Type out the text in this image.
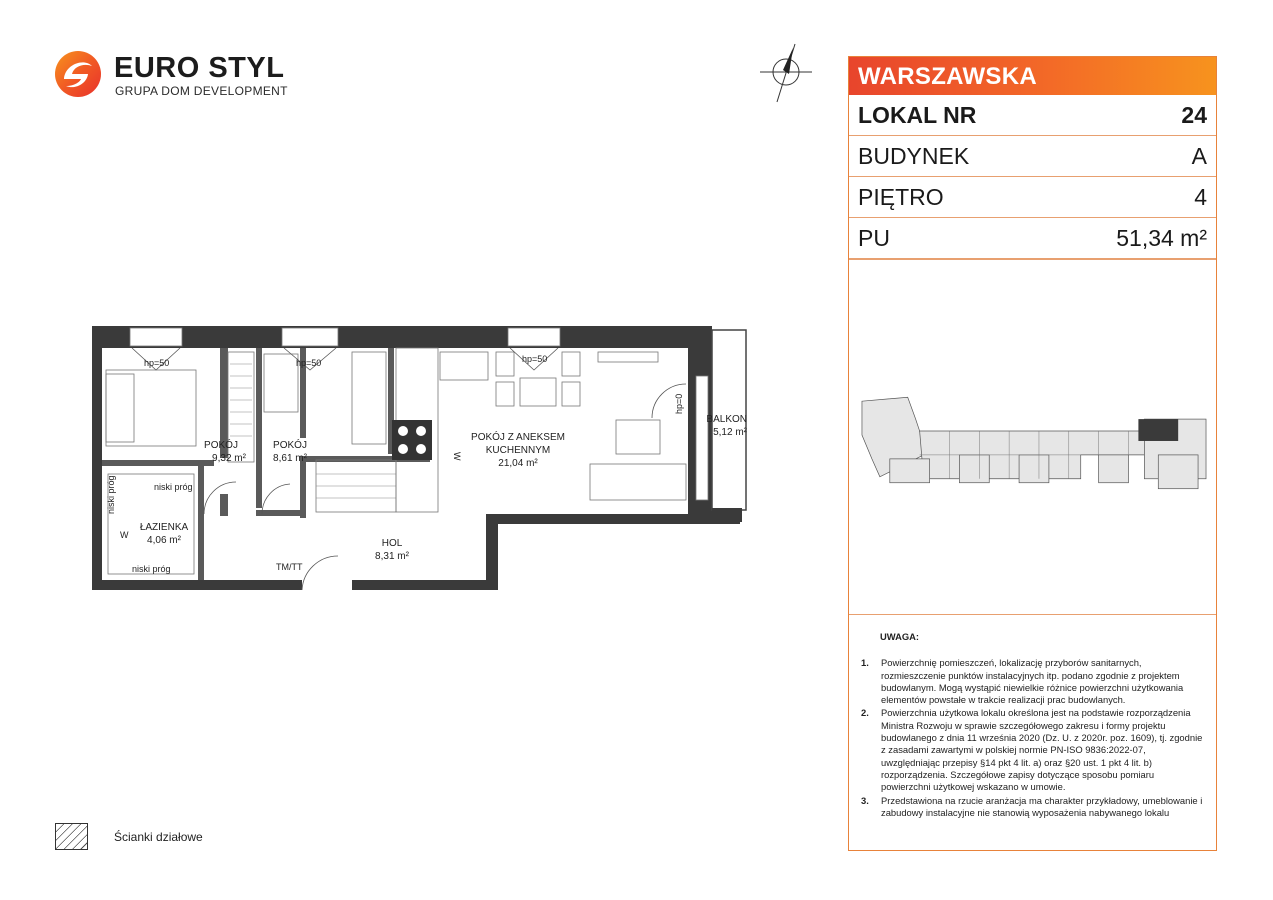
EURO STYL
GRUPA DOM DEVELOPMENT
POKÓJ
9,32 m²
POKÓJ
8,61 m²
POKÓJ Z ANEKSEM
KUCHENNYM
21,04 m²
BALKON
5,12 m²
ŁAZIENKA
4,06 m²	HOL
8,31 m²
hp=50	hp=50	hp=50
hp=0
niski próg
niski próg
niski próg
TM/TT
W
W
WARSZAWSKA
LOKAL NR	24
BUDYNEK	A
PIĘTRO	4
PU	51,34 m²
UWAGA:
1.	Powierzchnię pomieszczeń, lokalizację przyborów sanitarnych, rozmieszczenie punktów instalacyjnych itp. podano zgodnie z projektem budowlanym. Mogą wystąpić niewielkie różnice powierzchni użytkowania elementów powstałe w trakcie realizacji prac budowlanych.
2.	Powierzchnia użytkowa lokalu określona jest na podstawie rozporządzenia Ministra Rozwoju w sprawie szczegółowego zakresu i formy projektu budowlanego z dnia 11 września 2020 (Dz. U. z 2020r. poz. 1609), tj. zgodnie z zasadami zawartymi w polskiej normie PN-ISO 9836:2022-07, uwzględniając przepisy §14 pkt 4 lit. a) oraz §20 ust. 1 pkt 4 lit. b) rozporządzenia. Szczegółowe zapisy dotyczące sposobu pomiaru powierzchni użytkowej wskazano w umowie.
3.	Przedstawiona na rzucie aranżacja ma charakter przykładowy, umeblowanie i zabudowy instalacyjne nie stanowią wyposażenia nabywanego lokalu
Ścianki działowe
